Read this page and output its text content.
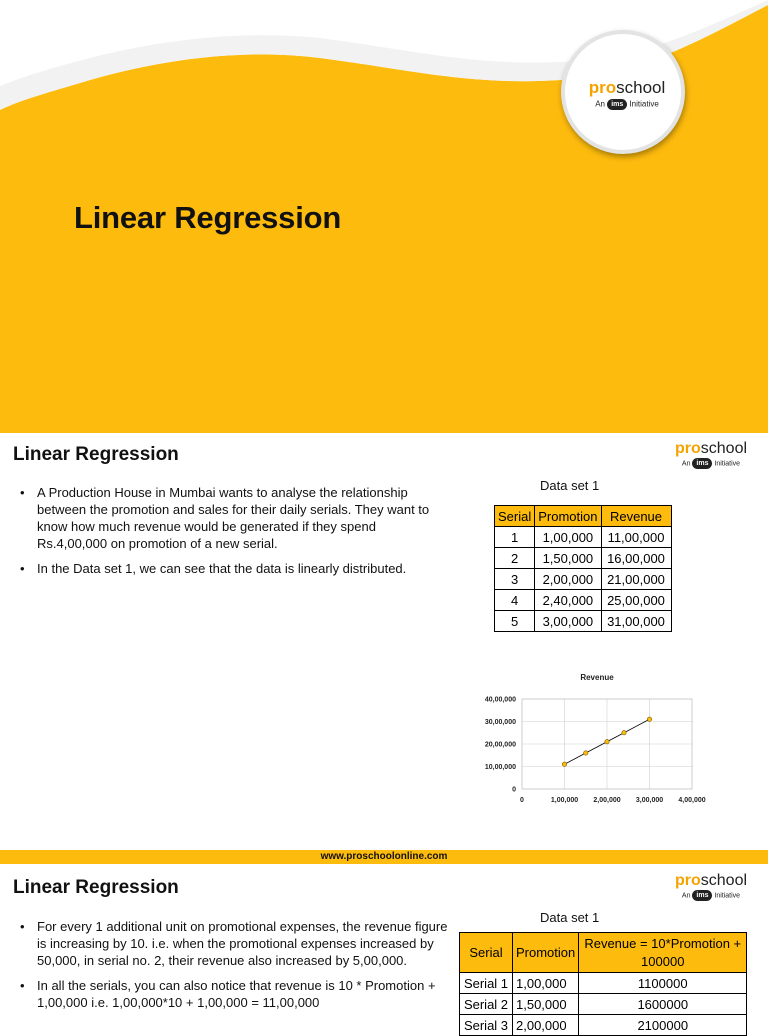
Linear Regression
proschool
An ims Initiative
Linear Regression	proschool
An ims Initiative
• A Production House in Mumbai wants to analyse the relationship between the promotion and sales for their daily serials. They want to know how much revenue would be generated if they spend Rs.4,00,000 on promotion of a new serial.
• In the Data set 1, we can see that the data is linearly distributed.
Data set 1
Serial	Promotion	Revenue
1	1,00,000	11,00,000
2	1,50,000	16,00,000
3	2,00,000	21,00,000
4	2,40,000	25,00,000
5	3,00,000	31,00,000
Revenue
0
10,00,000
20,00,000
30,00,000
40,00,000
0	1,00,000 2,00,000 3,00,000 4,00,000
www.proschoolonline.com
Linear Regression	proschool
An ims Initiative
• For every 1 additional unit on promotional expenses, the revenue figure is increasing by 10. i.e. when the promotional expenses increased by 50,000, in serial no. 2, their revenue also increased by 5,00,000.
• In all the serials, you can also notice that revenue is 10 * Promotion + 1,00,000 i.e. 1,00,000*10 + 1,00,000 = 11,00,000
Data set 1
Serial	Promotion	Revenue = 10*Promotion + 100000
Serial 1	1,00,000	1100000
Serial 2	1,50,000	1600000
Serial 3	2,00,000	2100000
